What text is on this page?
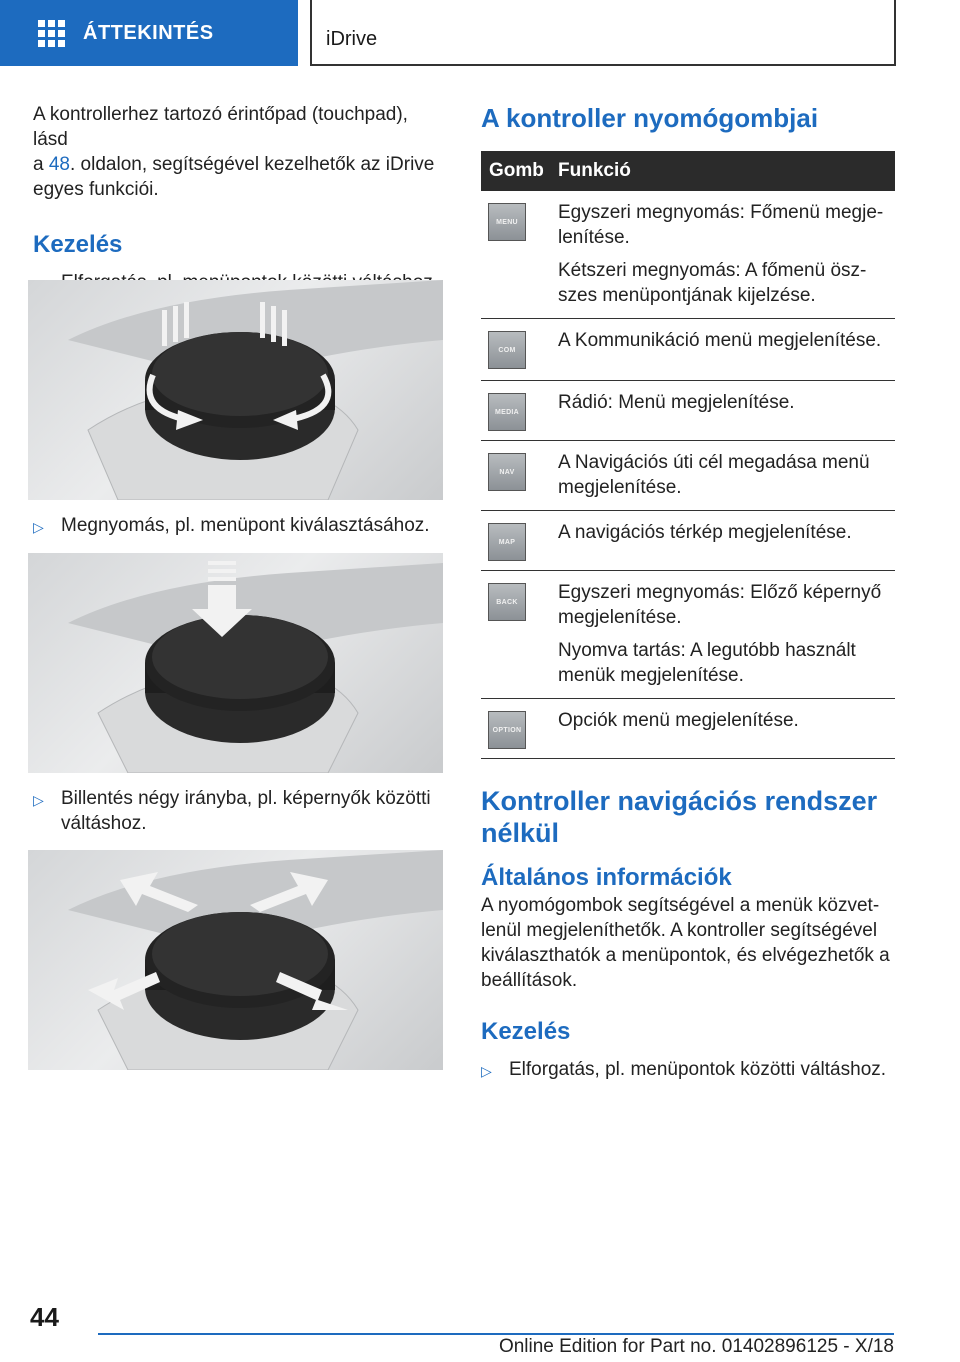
ÁTTEKINTÉS	iDrive
A kontrollerhez tartozó érintőpad (touchpad), lásd
a 48. oldalon, segítségével kezelhetők az iDrive
egyes funkciói.
Kezelés
▷ Megnyomás, pl. menüpont kiválasztásához.
▷ Billentés négy irányba, pl. képernyők közötti váltáshoz.
A kontroller nyomógombjai
Gomb	Funkció

MENU	Egyszeri megnyomás: Főmenü megje-lenítése.
Kétszeri megnyomás: A főmenü ösz-szes menüpontjának kijelzése.

COM	A Kommunikáció menü megjelenítése.

MEDIA	Rádió: Menü megjelenítése.

NAV	A Navigációs úti cél megadása menü megjelenítése.

MAP	A navigációs térkép megjelenítése.

BACK	Egyszeri megnyomás: Előző képernyő megjelenítése.
Nyomva tartás: A legutóbb használt menük megjelenítése.

OPTION	Opciók menü megjelenítése.
Kontroller navigációs rendszer nélkül
Általános információk
A nyomógombok segítségével a menük közvet-lenül megjeleníthetők. A kontroller segítségével kiválaszthatók a menüpontok, és elvégezhetők a beállítások.
Kezelés
▷ Elforgatás, pl. menüpontok közötti váltáshoz.
44
Online Edition for Part no. 01402896125 - X/18
